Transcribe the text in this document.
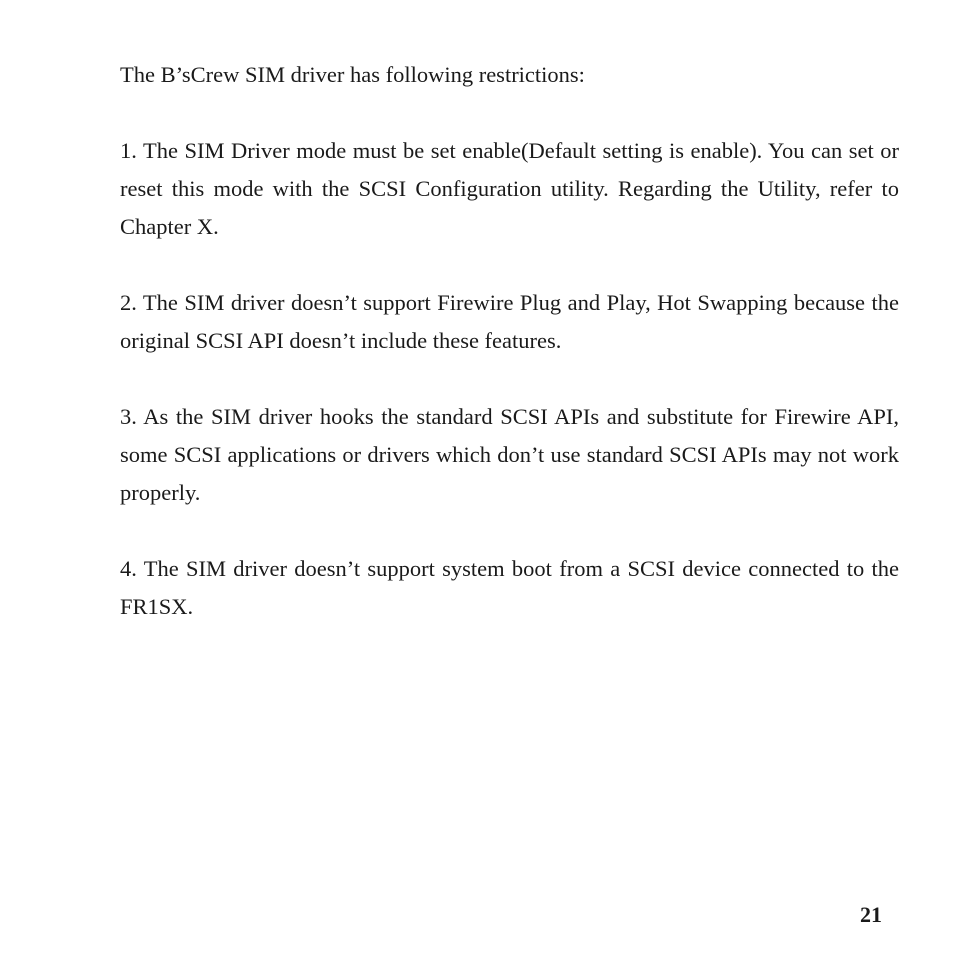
The B’sCrew SIM driver has following restrictions:

1. The SIM Driver mode must be set enable(Default setting is enable). You can set or reset this mode with the SCSI Configuration utility. Regarding the Utility, refer to Chapter X.

2. The SIM driver doesn’t support Firewire Plug and Play, Hot Swapping because the original SCSI API doesn’t include these features.

3. As the SIM driver hooks the standard SCSI APIs and substitute for Firewire API, some SCSI applications or drivers which don’t use standard SCSI APIs may not work properly.

4. The SIM driver doesn’t support system boot from a SCSI device connected to the FR1SX.

21
